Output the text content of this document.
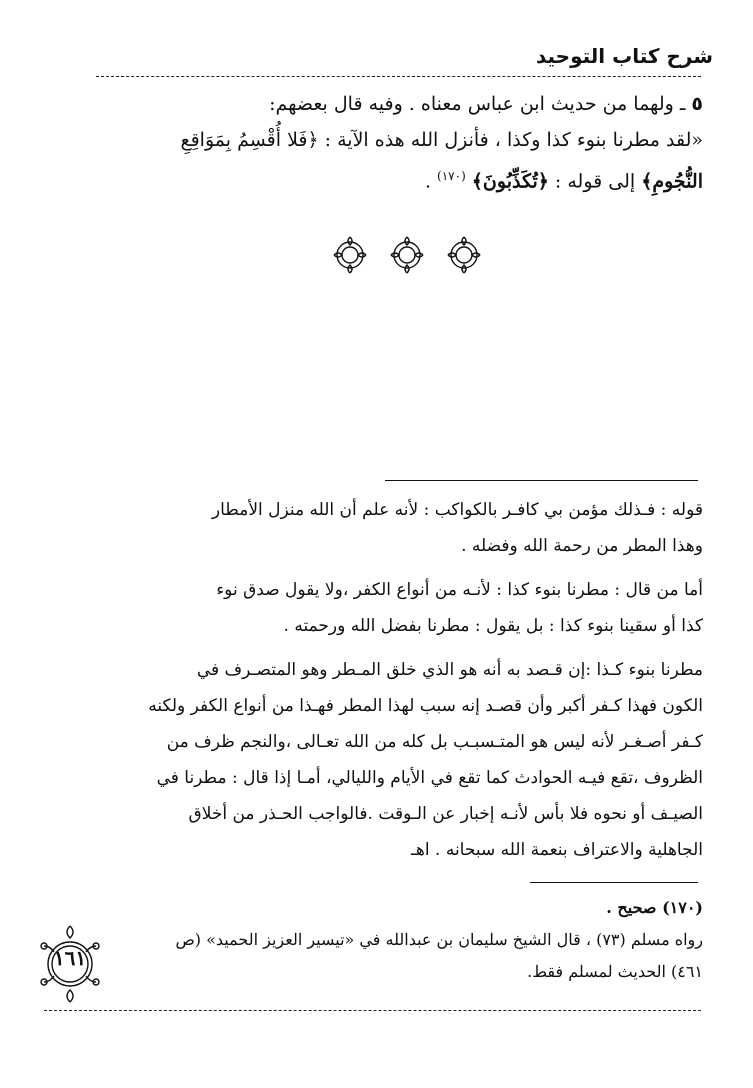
شرح كتاب التوحيد

٥ـ ولهما من حديث ابن عباس معناه . وفيه قال بعضهم:

«لقد مطرنا بنوء كذا وكذا ، فأنزل الله هذه الآية : ﴿فَلا أُقْسِمُ بِمَوَاقِعِ

النُّجُومِ﴾ إلى قوله : ﴿تُكَذِّبُونَ﴾ $^{(١٧٠)}$ .

قوله : فـذلك مؤمن بي كافـر بالكواكب : لأنه علم أن الله منزل الأمطار

وهذا المطر من رحمة الله وفضله .

أما من قال : مطرنا بنوء كذا : لأنـه من أنواع الكفر ،ولا يقول صدق نوء

كذا أو سقينا بنوء كذا : بل يقول : مطرنا بفضل الله ورحمته .

مطرنا بنوء كـذا :إن قـصد به أنه هو الذي خلق المـطر وهو المتصـرف في

الكون فهذا كـفر أكبر وأن قصـد إنه سبب لهذا المطر فهـذا من أنواع الكفر ولكنه

كـفر أصـغـر لأنه ليس هو المتـسبـب بل كله من الله تعـالى ،والنجم ظرف من

الظروف ،تقع فيـه الحوادث كما تقع في الأيام والليالي، أمـا إذا قال : مطرنا في

الصيـف أو نحوه فلا بأس لأنـه إخبار عن الـوقت .فالواجب الحـذر من أخلاق

الجاهلية والاعتراف بنعمة الله سبحانه . اهـ

(١٧٠) صحيح .

رواه مسلم (٧٣) ، قال الشيخ سليمان بن عبدالله في «تيسير العزيز الحميد» (ص

٤٦١) الحديث لمسلم فقط.

١٦١
